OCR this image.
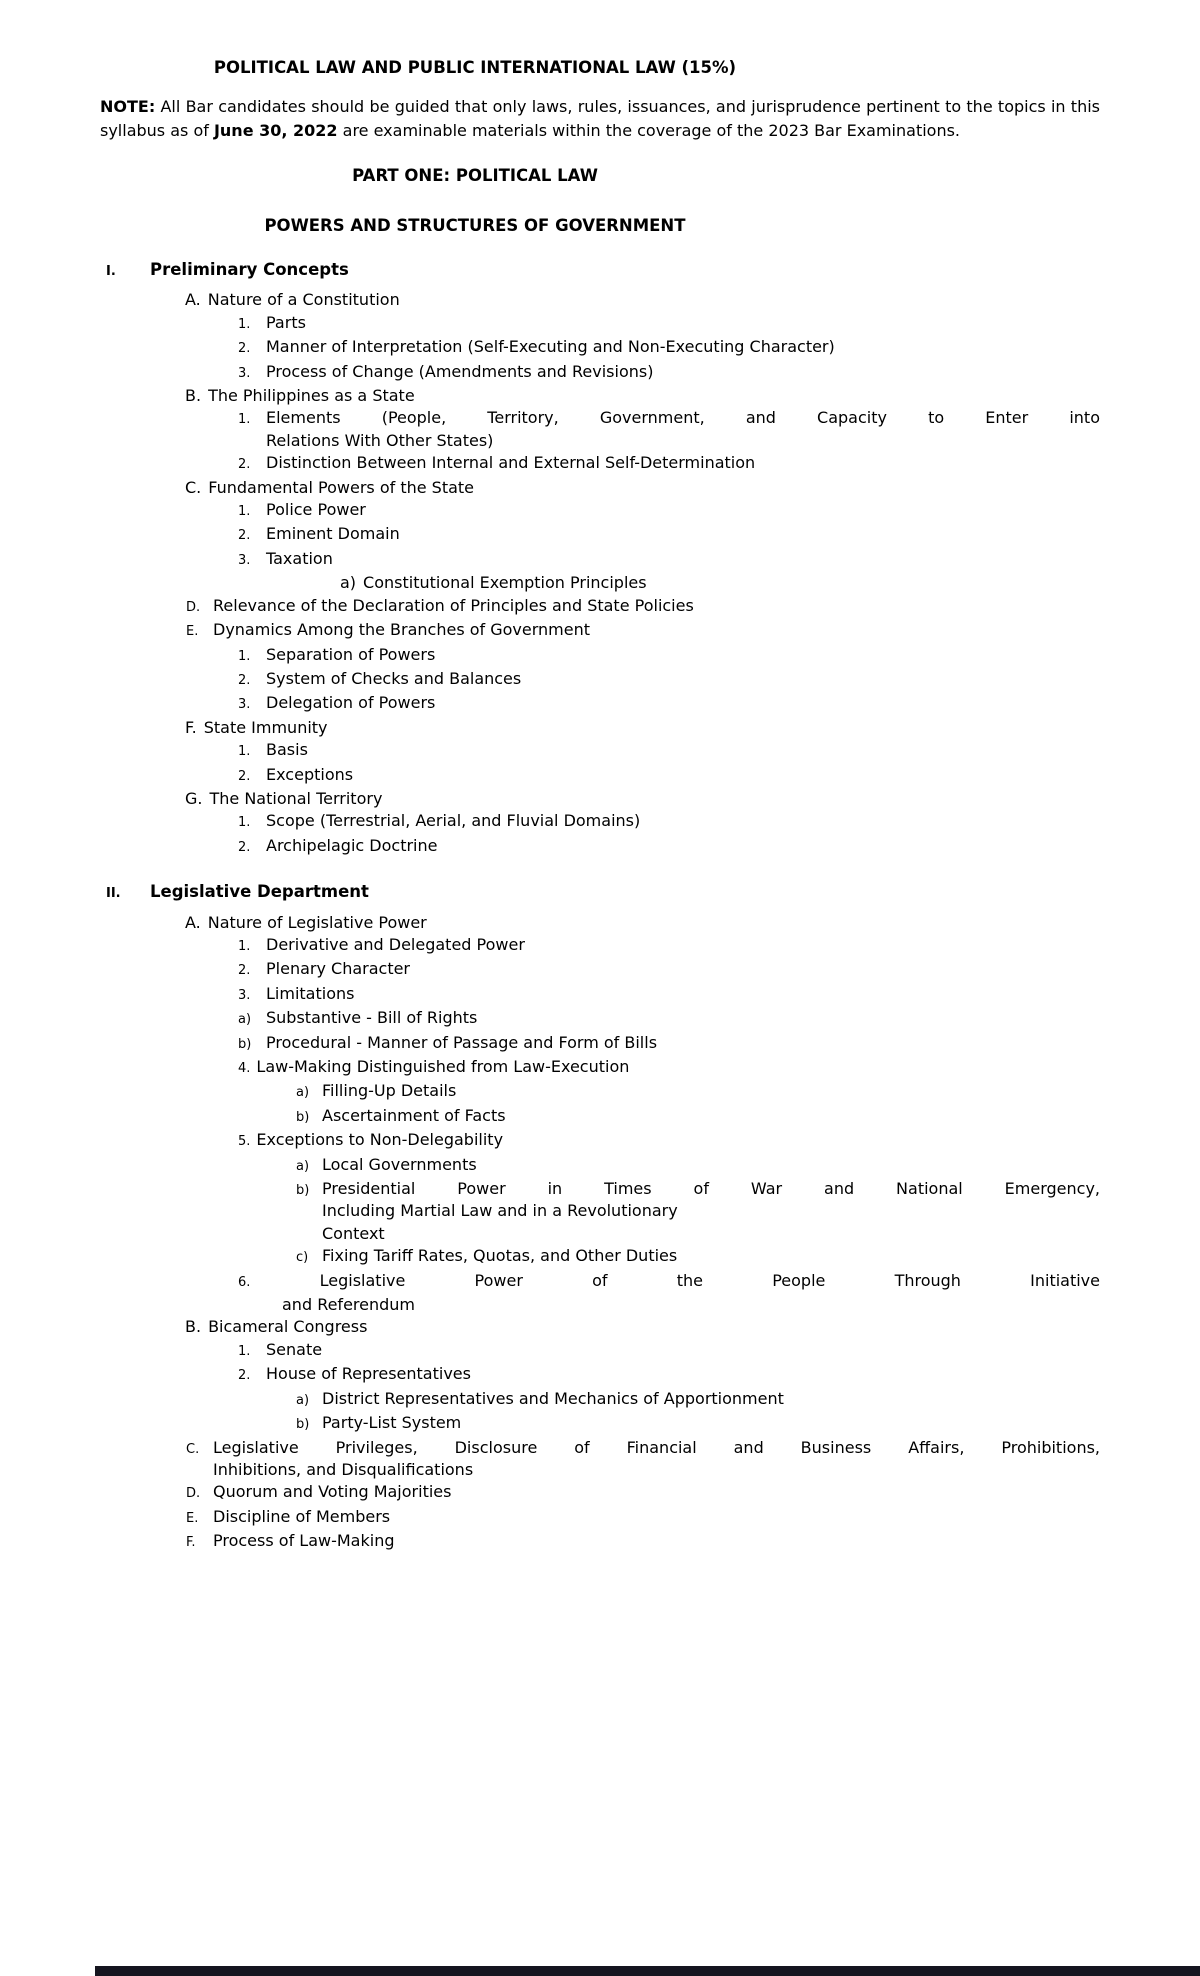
POLITICAL LAW AND PUBLIC INTERNATIONAL LAW (15%)

NOTE: All Bar candidates should be guided that only laws, rules, issuances, and jurisprudence pertinent to the topics in this syllabus as of June 30, 2022 are examinable materials within the coverage of the 2023 Bar Examinations.

PART ONE: POLITICAL LAW
POWERS AND STRUCTURES OF GOVERNMENT
I.	Preliminary Concepts
A. Nature of a Constitution
1. Parts
2. Manner of Interpretation (Self-Executing and Non-Executing Character)
3. Process of Change (Amendments and Revisions)
B. The Philippines as a State
1. Elements (People, Territory, Government, and Capacity to Enter into
Relations With Other States)
2. Distinction Between Internal and External Self-Determination
C. Fundamental Powers of the State
1. Police Power
2. Eminent Domain
3. Taxation
a) Constitutional Exemption Principles
D. Relevance of the Declaration of Principles and State Policies
E. Dynamics Among the Branches of Government
1. Separation of Powers
2. System of Checks and Balances
3. Delegation of Powers
F. State Immunity
1. Basis
2. Exceptions
G. The National Territory
1. Scope (Terrestrial, Aerial, and Fluvial Domains)
2. Archipelagic Doctrine
II.	Legislative Department
A. Nature of Legislative Power
1. Derivative and Delegated Power
2. Plenary Character
3. Limitations
a) Substantive - Bill of Rights
b) Procedural - Manner of Passage and Form of Bills
4. Law-Making Distinguished from Law-Execution
a) Filling-Up Details
b) Ascertainment of Facts
5. Exceptions to Non-Delegability
a) Local Governments
b) Presidential Power in Times of War and National Emergency,
Including Martial Law and in a Revolutionary
Context
c) Fixing Tariff Rates, Quotas, and Other Duties
6.	Legislative Power of the People Through Initiative
and Referendum
B. Bicameral Congress
1. Senate
2. House of Representatives
a) District Representatives and Mechanics of Apportionment
b) Party-List System
C. Legislative Privileges, Disclosure of Financial and Business Affairs, Prohibitions,
Inhibitions, and Disqualifications
D. Quorum and Voting Majorities
E. Discipline of Members
F.	Process of Law-Making
